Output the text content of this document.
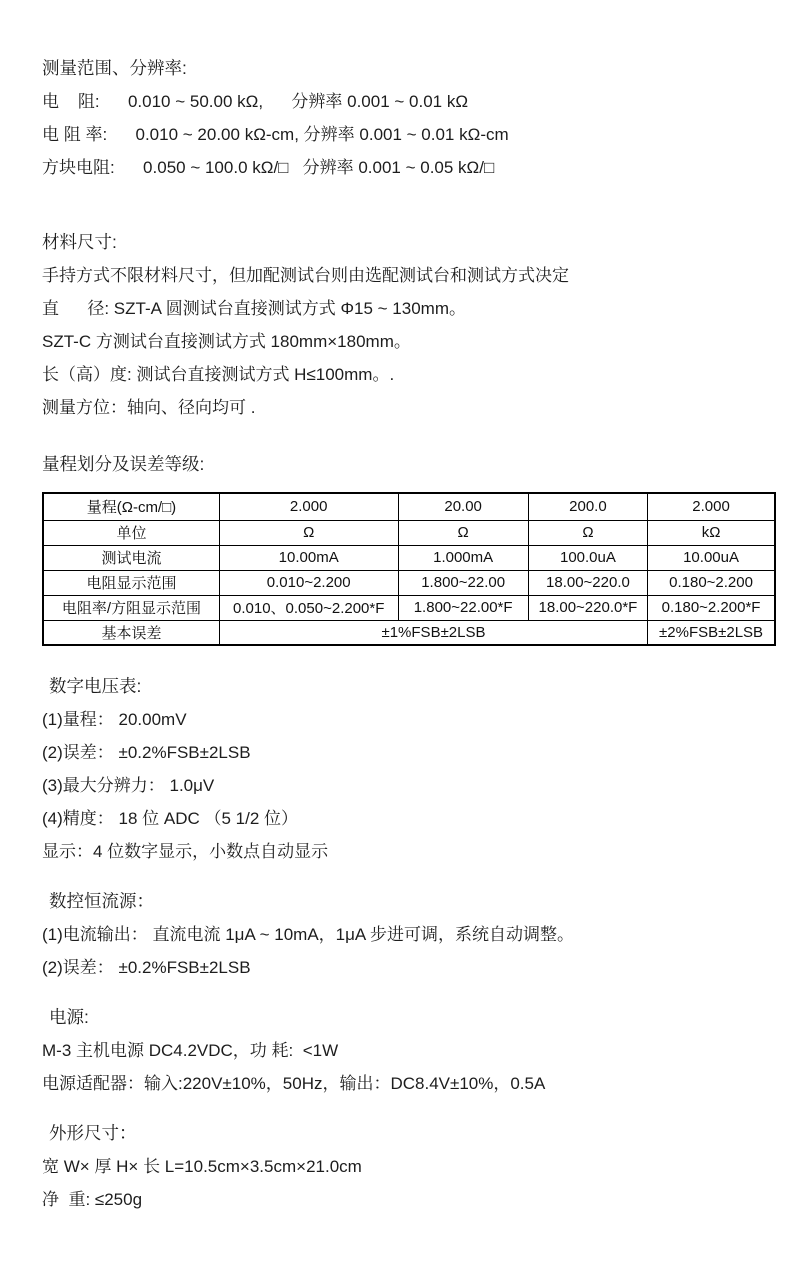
测量范围、分辨率:
电    阻:      0.010 ~ 50.00 kΩ,      分辨率 0.001 ~ 0.01 kΩ
电 阻 率:      0.010 ~ 20.00 kΩ-cm, 分辨率 0.001 ~ 0.01 kΩ-cm
方块电阻:      0.050 ~ 100.0 kΩ/□   分辨率 0.001 ~ 0.05 kΩ/□
材料尺寸:
手持方式不限材料尺寸，但加配测试台则由选配测试台和测试方式决定
直      径: SZT-A 圆测试台直接测试方式 Φ15 ~ 130mm。
SZT-C 方测试台直接测试方式 180mm×180mm。
长（高）度: 测试台直接测试方式 H≤100mm。.
测量方位：轴向、径向均可 .
量程划分及误差等级:
量程(Ω-cm/□)	2.000	20.00	200.0	2.000
单位	Ω	Ω	Ω	kΩ
测试电流	10.00mA	1.000mA	100.0uA	10.00uA
电阻显示范围	0.010~2.200	1.800~22.00	18.00~220.0	0.180~2.200
电阻率/方阻显示范围	0.010、0.050~2.200*F	1.800~22.00*F	18.00~220.0*F	0.180~2.200*F
基本误差	±1%FSB±2LSB			±2%FSB±2LSB
数字电压表:
(1)量程： 20.00mV
(2)误差： ±0.2%FSB±2LSB
(3)最大分辨力： 1.0μV
(4)精度： 18 位 ADC （5 1/2 位）
显示：4 位数字显示，小数点自动显示
数控恒流源：
(1)电流输出： 直流电流 1μA ~ 10mA，1μA 步进可调，系统自动调整。
(2)误差： ±0.2%FSB±2LSB
电源:
M-3 主机电源 DC4.2VDC，功 耗:  <1W
电源适配器：输入:220V±10%，50Hz，输出：DC8.4V±10%，0.5A
外形尺寸：
宽 W× 厚 H× 长 L=10.5cm×3.5cm×21.0cm
净  重: ≤250g
